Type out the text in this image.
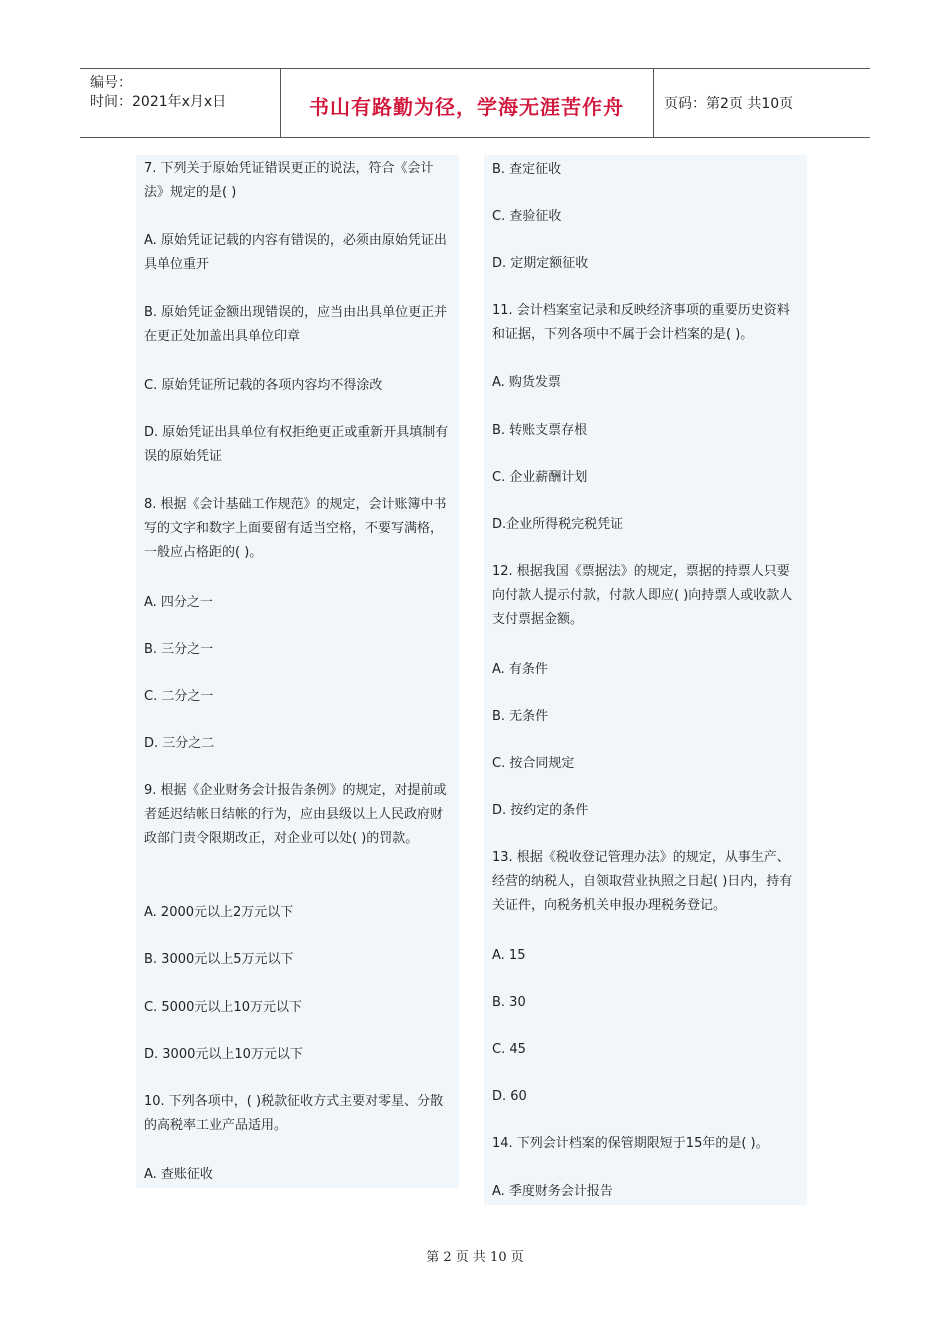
编号：
时间：2021年x月x日	书山有路勤为径，学海无涯苦作舟	页码：第2页 共10页
7. 下列关于原始凭证错误更正的说法，符合《会计法》规定的是( )
A. 原始凭证记载的内容有错误的，必须由原始凭证出具单位重开
B. 原始凭证金额出现错误的，应当由出具单位更正并在更正处加盖出具单位印章
C. 原始凭证所记载的各项内容均不得涂改
D. 原始凭证出具单位有权拒绝更正或重新开具填制有误的原始凭证
8. 根据《会计基础工作规范》的规定，会计账簿中书写的文字和数字上面要留有适当空格，不要写满格，一般应占格距的( )。
A. 四分之一
B. 三分之一
C. 二分之一
D. 三分之二
9. 根据《企业财务会计报告条例》的规定，对提前或者延迟结帐日结帐的行为，应由县级以上人民政府财政部门责令限期改正，对企业可以处( )的罚款。
A. 2000元以上2万元以下
B. 3000元以上5万元以下
C. 5000元以上10万元以下
D. 3000元以上10万元以下
10. 下列各项中，( )税款征收方式主要对零星、分散的高税率工业产品适用。
A. 查账征收
B. 查定征收
C. 查验征收
D. 定期定额征收
11. 会计档案室记录和反映经济事项的重要历史资料和证据，下列各项中不属于会计档案的是( )。
A. 购货发票
B. 转账支票存根
C. 企业薪酬计划
D.企业所得税完税凭证
12. 根据我国《票据法》的规定，票据的持票人只要向付款人提示付款，付款人即应( )向持票人或收款人支付票据金额。
A. 有条件
B. 无条件
C. 按合同规定
D. 按约定的条件
13. 根据《税收登记管理办法》的规定，从事生产、经营的纳税人，自领取营业执照之日起( )日内，持有关证件，向税务机关申报办理税务登记。
A. 15
B. 30
C. 45
D. 60
14. 下列会计档案的保管期限短于15年的是( )。
A. 季度财务会计报告
第 2 页 共 10 页
